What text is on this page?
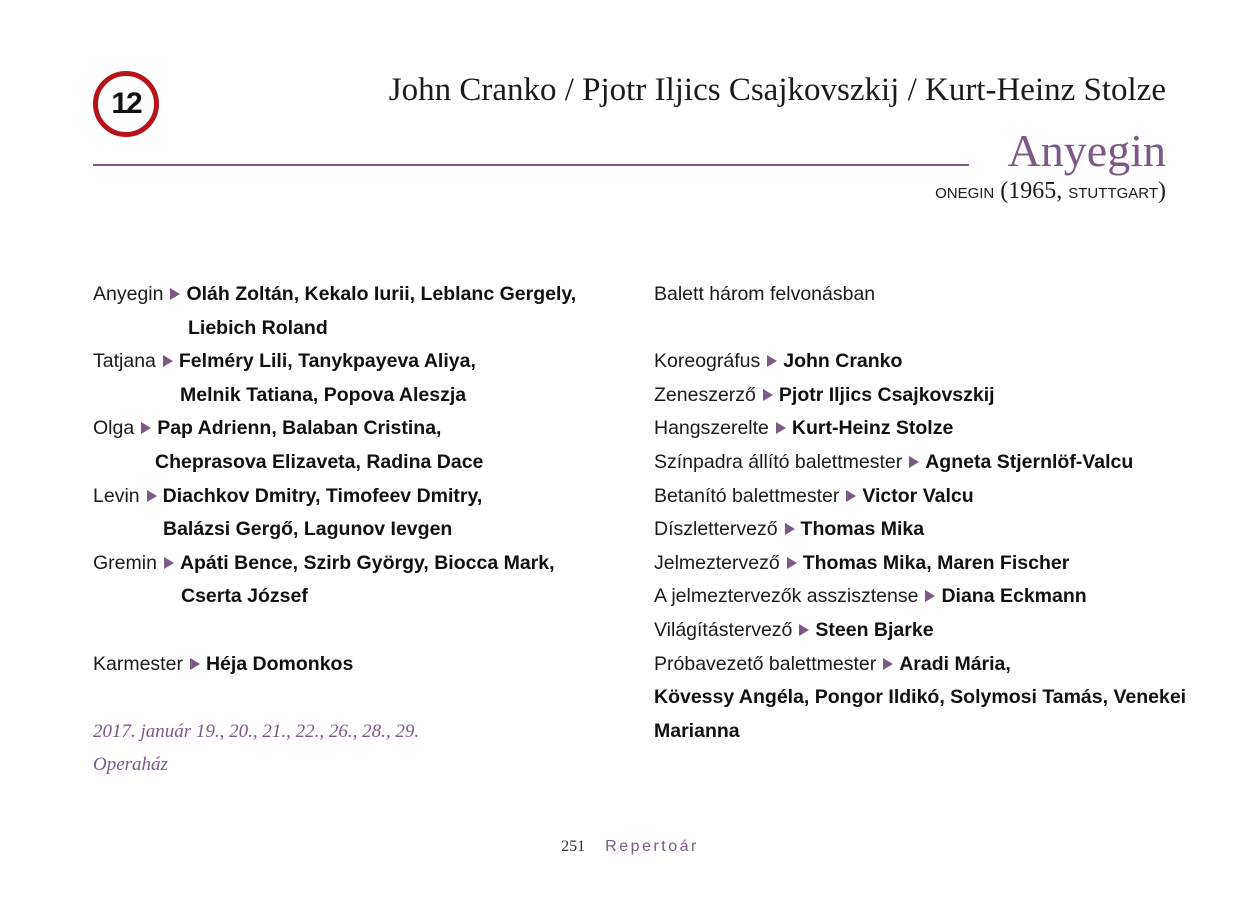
12	John Cranko / Pjotr Iljics Csajkovszkij / Kurt-Heinz Stolze
Anyegin
ONEGIN (1965, STUTTGART)
Anyegin Oláh Zoltán, Kekalo Iurii, Leblanc Gergely,
Liebich Roland
Tatjana Felméry Lili, Tanykpayeva Aliya,
Melnik Tatiana, Popova Aleszja
Olga Pap Adrienn, Balaban Cristina,
Cheprasova Elizaveta, Radina Dace
Levin Diachkov Dmitry, Timofeev Dmitry,
Balázsi Gergő, Lagunov Ievgen
Gremin Apáti Bence, Szirb György, Biocca Mark,
Cserta József
Karmester Héja Domonkos
2017. január 19., 20., 21., 22., 26., 28., 29.
Operaház
Balett három felvonásban
Koreográfus John Cranko
Zeneszerző Pjotr Iljics Csajkovszkij
Hangszerelte Kurt-Heinz Stolze
Színpadra állító balettmester Agneta Stjernlöf-Valcu
Betanító balettmester Victor Valcu
Díszlettervező Thomas Mika
Jelmeztervező Thomas Mika, Maren Fischer
A jelmeztervezők asszisztense Diana Eckmann
Világítástervező Steen Bjarke
Próbavezető balettmester Aradi Mária,
Kövessy Angéla, Pongor Ildikó, Solymosi Tamás, Venekei
Marianna
251 Repertoár
